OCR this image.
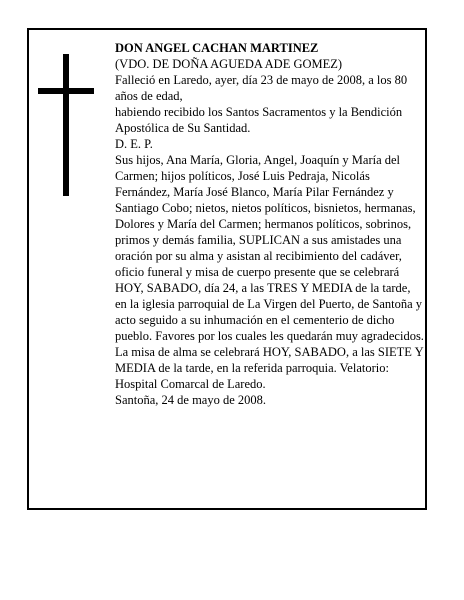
DON ANGEL CACHAN MARTINEZ

(VDO. DE DOÑA AGUEDA ADE GOMEZ)

Falleció en Laredo, ayer, día 23 de mayo de 2008, a los 80 años de edad,

habiendo recibido los Santos Sacramentos y la Bendición Apostólica de Su Santidad.

D. E. P.

Sus hijos, Ana María, Gloria, Angel, Joaquín y María del Carmen; hijos políticos, José Luis Pedraja, Nicolás Fernández, María José Blanco, María Pilar Fernández y Santiago Cobo; nietos, nietos políticos, bisnietos, hermanas, Dolores y María del Carmen; hermanos políticos, sobrinos, primos y demás familia, SUPLICAN a sus amistades una oración por su alma y asistan al recibimiento del cadáver, oficio funeral y misa de cuerpo presente que se celebrará HOY, SABADO, día 24, a las TRES Y MEDIA de la tarde, en la iglesia parroquial de La Virgen del Puerto, de Santoña y acto seguido a su inhumación en el cementerio de dicho pueblo. Favores por los cuales les quedarán muy agradecidos. La misa de alma se celebrará HOY, SABADO, a las SIETE Y MEDIA de la tarde, en la referida parroquia. Velatorio: Hospital Comarcal de Laredo.

Santoña, 24 de mayo de 2008.
